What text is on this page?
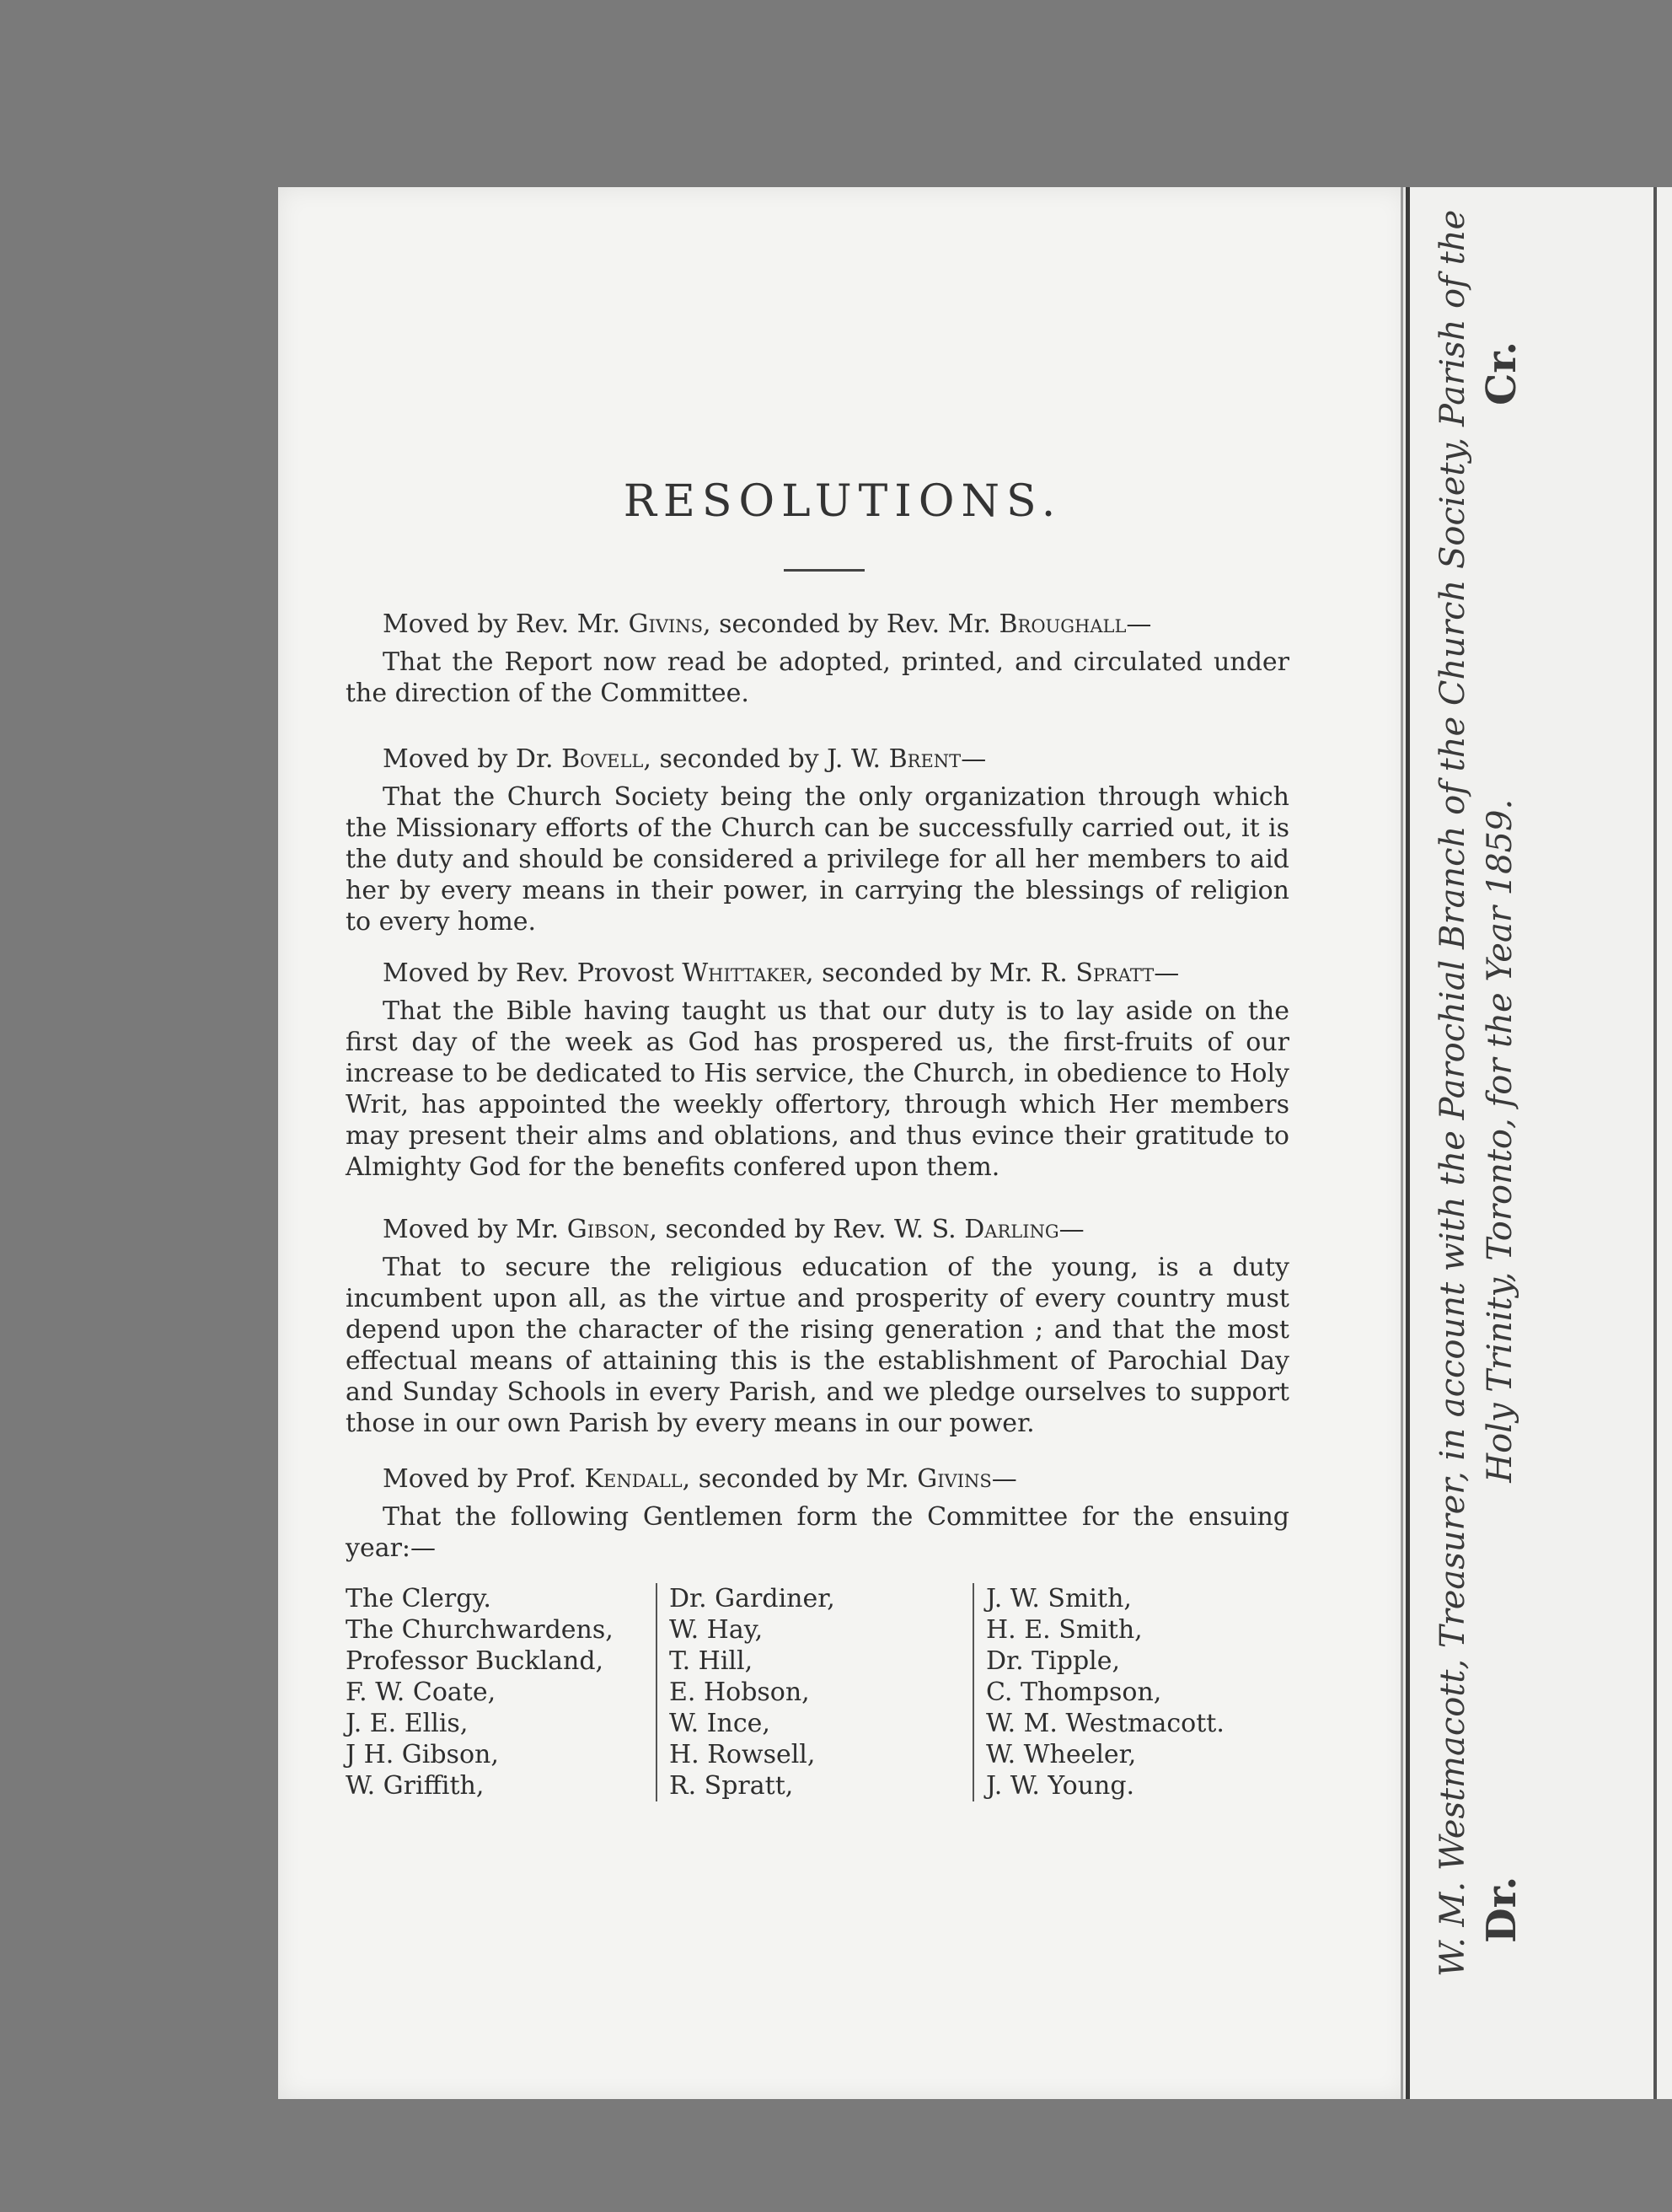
RESOLUTIONS.

Moved by Rev. Mr. Givins, seconded by Rev. Mr. Broughall—

That the Report now read be adopted, printed, and circulated under the direction of the Committee.

Moved by Dr. Bovell, seconded by J. W. Brent—

That the Church Society being the only organization through which the Missionary efforts of the Church can be successfully carried out, it is the duty and should be considered a privilege for all her members to aid her by every means in their power, in carrying the blessings of religion to every home.

Moved by Rev. Provost Whittaker, seconded by Mr. R. Spratt—

That the Bible having taught us that our duty is to lay aside on the first day of the week as God has prospered us, the first-fruits of our increase to be dedicated to His service, the Church, in obedience to Holy Writ, has appointed the weekly offertory, through which Her members may present their alms and oblations, and thus evince their gratitude to Almighty God for the benefits confered upon them.

Moved by Mr. Gibson, seconded by Rev. W. S. Darling—

That to secure the religious education of the young, is a duty incumbent upon all, as the virtue and prosperity of every country must depend upon the character of the rising generation ; and that the most effectual means of attaining this is the establishment of Parochial Day and Sunday Schools in every Parish, and we pledge ourselves to support those in our own Parish by every means in our power.

Moved by Prof. Kendall, seconded by Mr. Givins—

That the following Gentlemen form the Committee for the ensuing year:—

The Clergy.
The Churchwardens,
Professor Buckland,
F. W. Coate,
J. E. Ellis,
J H. Gibson,
W. Griffith,
Dr. Gardiner,
W. Hay,
T. Hill,
E. Hobson,
W. Ince,
H. Rowsell,
R. Spratt,
J. W. Smith,
H. E. Smith,
Dr. Tipple,
C. Thompson,
W. M. Westmacott.
W. Wheeler,
J. W. Young.	W. M. Westmacott, Treasurer, in account with the Parochial Branch of the Church Society, Parish of the Dr.
Holy Trinity, Toronto, for the Year 1859.
Cr.
